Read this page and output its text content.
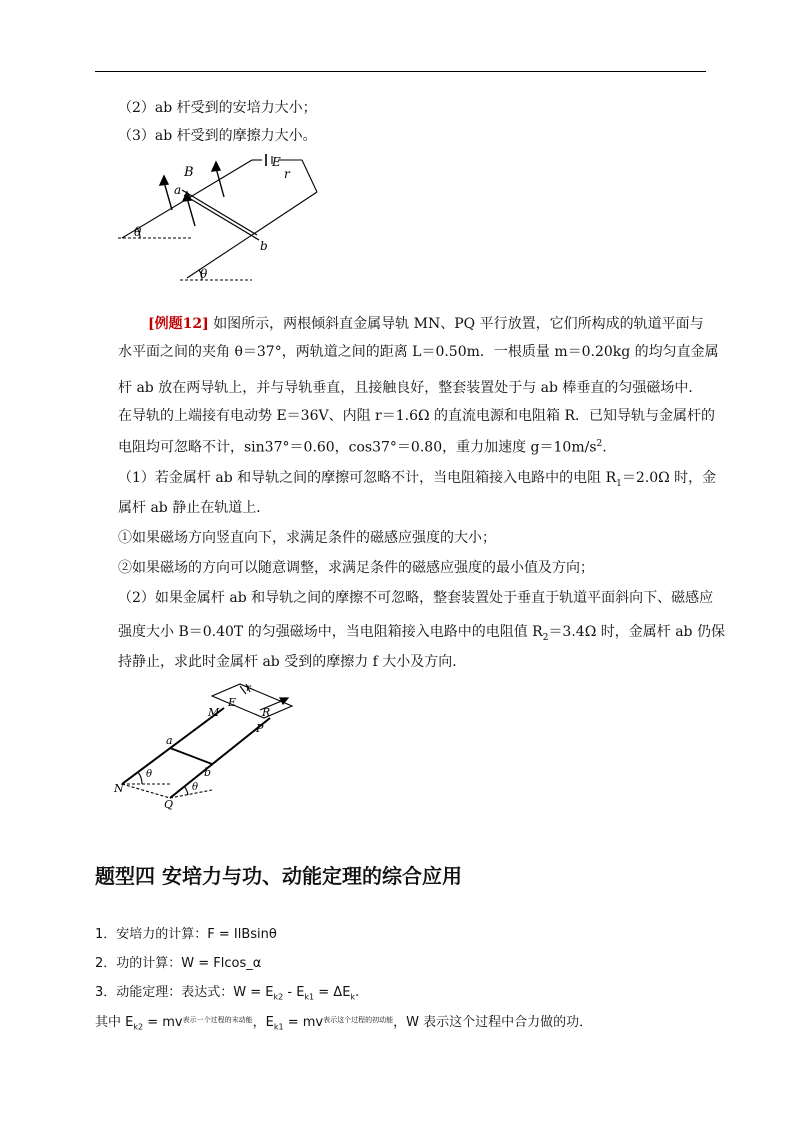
（2）ab 杆受到的安培力大小；
（3）ab 杆受到的摩擦力大小。
B
a
b
E
r
θ
θ
[例题12] 如图所示，两根倾斜直金属导轨 MN、PQ 平行放置，它们所构成的轨道平面与
水平面之间的夹角 θ＝37°，两轨道之间的距离 L＝0.50m．一根质量 m＝0.20kg 的均匀直金属
杆 ab 放在两导轨上，并与导轨垂直，且接触良好，整套装置处于与 ab 棒垂直的匀强磁场中．
在导轨的上端接有电动势 E＝36V、内阻 r＝1.6Ω 的直流电源和电阻箱 R．已知导轨与金属杆的
电阻均可忽略不计，sin37°＝0.60，cos37°＝0.80，重力加速度 $g=10m/s^2$.
（1）若金属杆 ab 和导轨之间的摩擦可忽略不计，当电阻箱接入电路中的电阻 $R_1=2.0\Omega$ 时，金
属杆 ab 静止在轨道上．
①如果磁场方向竖直向下，求满足条件的磁感应强度的大小；
②如果磁场的方向可以随意调整，求满足条件的磁感应强度的最小值及方向；
（2）如果金属杆 ab 和导轨之间的摩擦不可忽略，整套装置处于垂直于轨道平面斜向下、磁感应
强度大小 B＝0.40T 的匀强磁场中，当电阻箱接入电路中的电阻值 $R_2=3.4\Omega$ 时，金属杆 ab 仍保
持静止，求此时金属杆 ab 受到的摩擦力 f 大小及方向．
E
r
R
M
P
a
b
N
Q
θ
θ
题型四 安培力与功、动能定理的综合应用
1．安培力的计算：F = IlBsinθ
2．功的计算：W = Flcos_α
3．动能定理：表达式：$W = E_{k2} - E_{k1} = \Delta E_k$.
其中 $E_{k2} = mv^{表示一个过程的末动能}$，$E_{k1} = mv^{表示这个过程的初动能}$，W 表示这个过程中合力做的功．
